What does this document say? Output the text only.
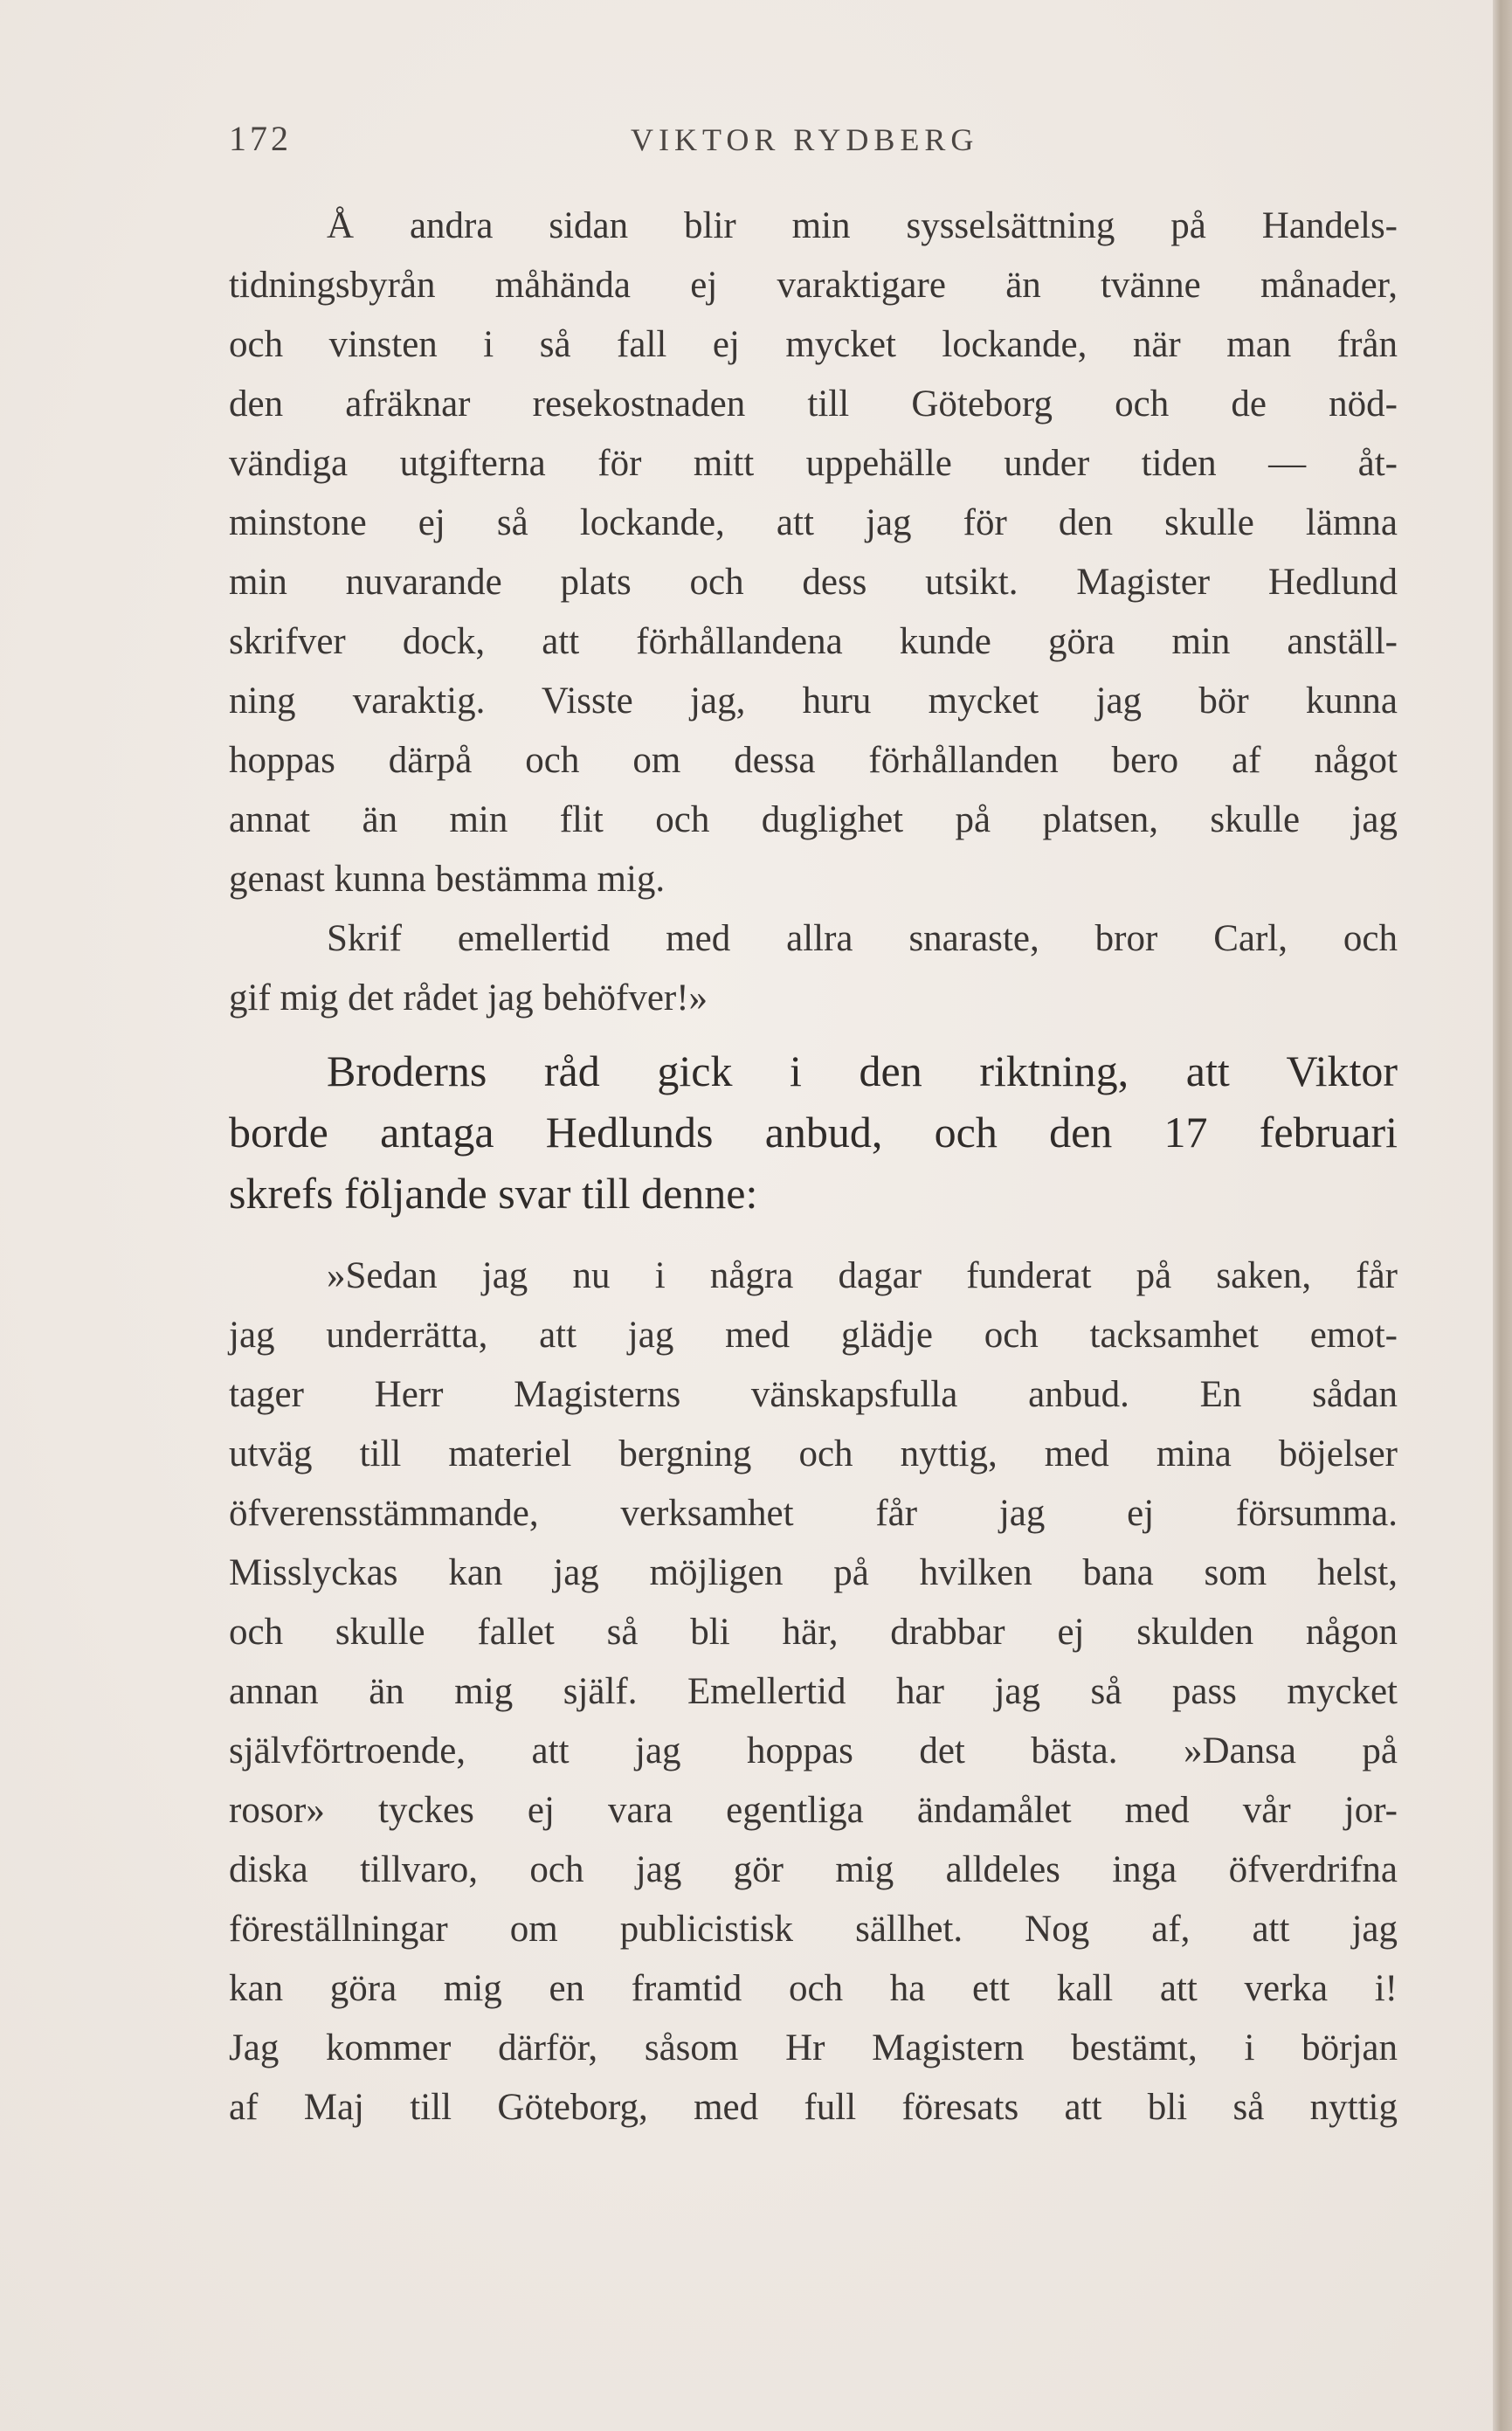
172	VIKTOR RYDBERG
Å andra sidan blir min sysselsättning på Handels-
tidningsbyrån måhända ej varaktigare än tvänne månader,
och vinsten i så fall ej mycket lockande, när man från
den afräknar resekostnaden till Göteborg och de nöd-
vändiga utgifterna för mitt uppehälle under tiden — åt-
minstone ej så lockande, att jag för den skulle lämna
min nuvarande plats och dess utsikt. Magister Hedlund
skrifver dock, att förhållandena kunde göra min anställ-
ning varaktig. Visste jag, huru mycket jag bör kunna
hoppas därpå och om dessa förhållanden bero af något
annat än min flit och duglighet på platsen, skulle jag
genast kunna bestämma mig.
Skrif emellertid med allra snaraste, bror Carl, och
gif mig det rådet jag behöfver!»
Broderns råd gick i den riktning, att Viktor
borde antaga Hedlunds anbud, och den 17 februari
skrefs följande svar till denne:
»Sedan jag nu i några dagar funderat på saken, får
jag underrätta, att jag med glädje och tacksamhet emot-
tager Herr Magisterns vänskapsfulla anbud. En sådan
utväg till materiel bergning och nyttig, med mina böjelser
öfverensstämmande, verksamhet får jag ej försumma.
Misslyckas kan jag möjligen på hvilken bana som helst,
och skulle fallet så bli här, drabbar ej skulden någon
annan än mig själf. Emellertid har jag så pass mycket
självförtroende, att jag hoppas det bästa. »Dansa på
rosor» tyckes ej vara egentliga ändamålet med vår jor-
diska tillvaro, och jag gör mig alldeles inga öfverdrifna
föreställningar om publicistisk sällhet. Nog af, att jag
kan göra mig en framtid och ha ett kall att verka i!
Jag kommer därför, såsom Hr Magistern bestämt, i början
af Maj till Göteborg, med full föresats att bli så nyttig
